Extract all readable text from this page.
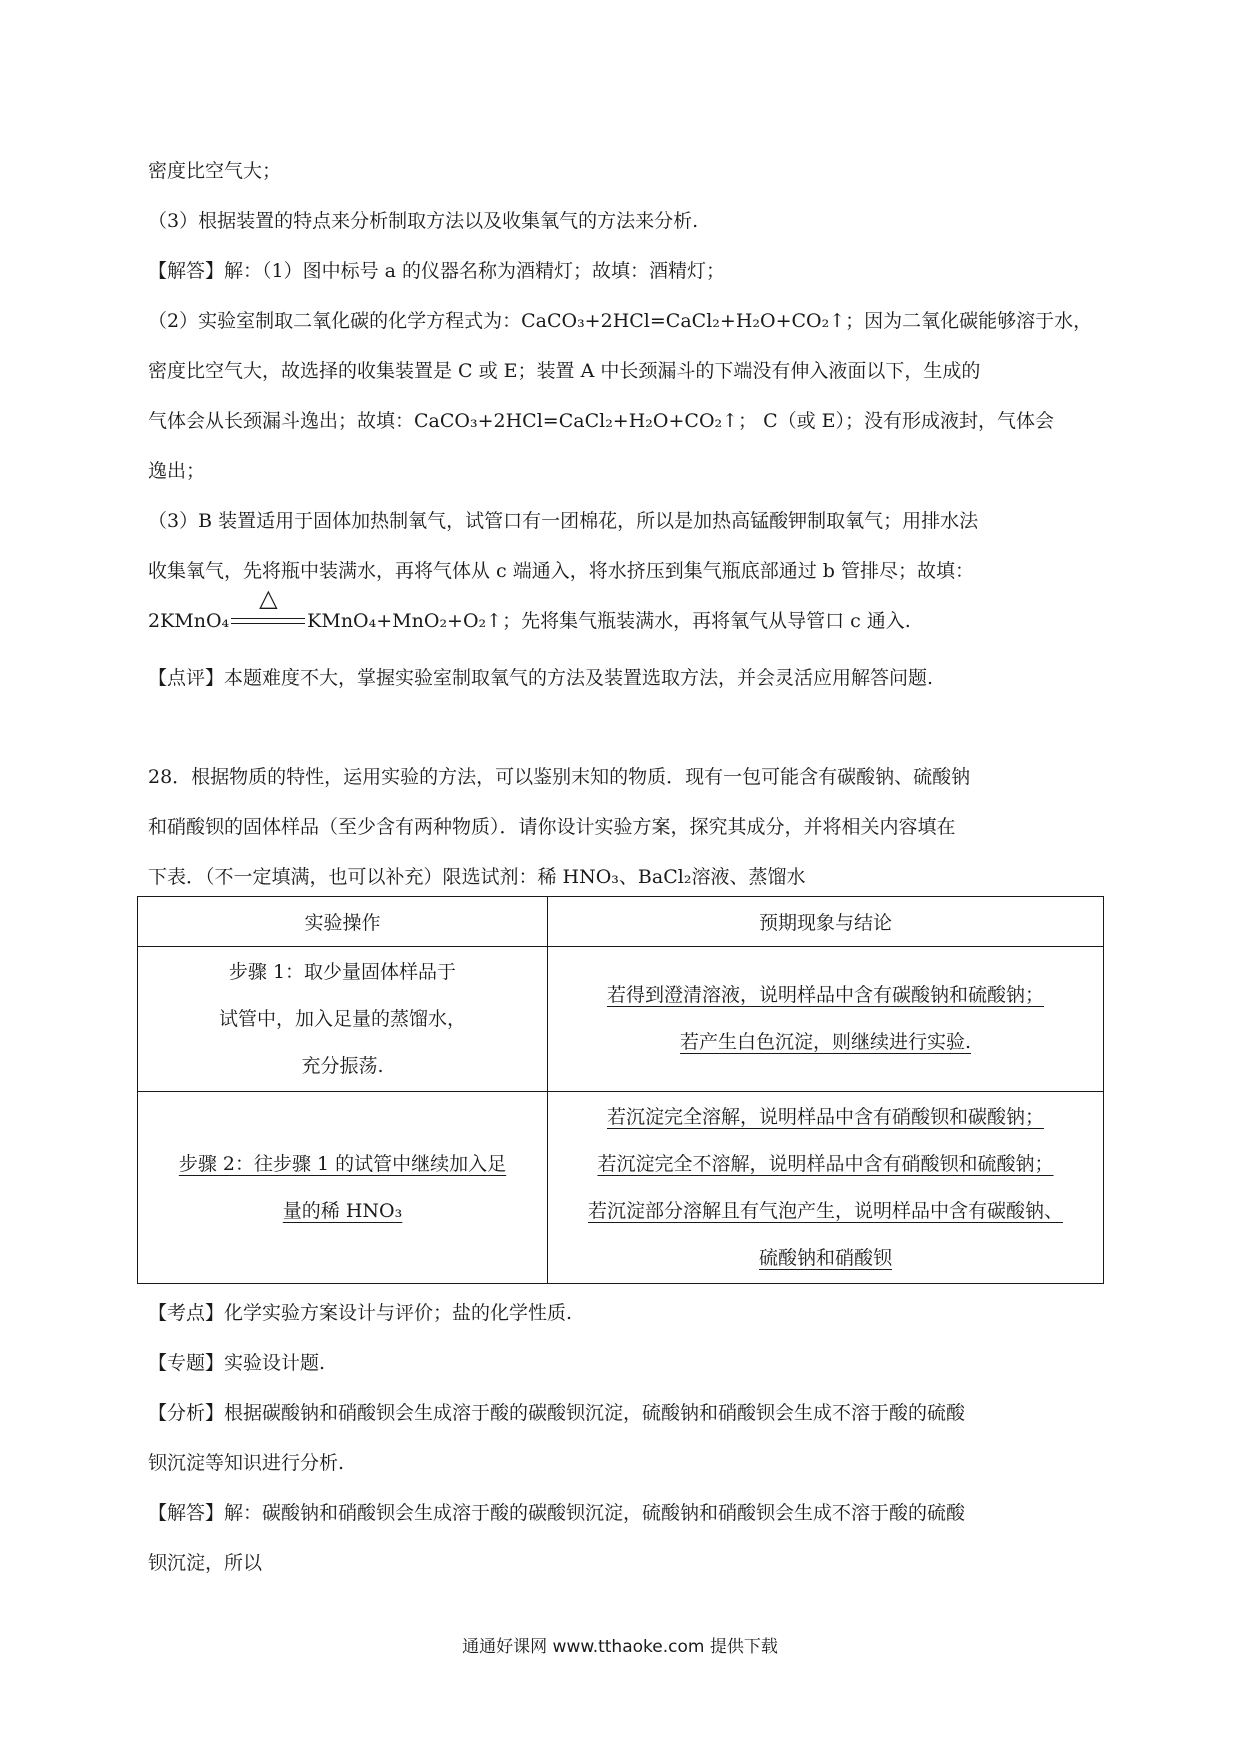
密度比空气大；
（3）根据装置的特点来分析制取方法以及收集氧气的方法来分析.
【解答】解：（1）图中标号 a 的仪器名称为酒精灯；故填：酒精灯；
（2）实验室制取二氧化碳的化学方程式为：CaCO₃+2HCl=CaCl₂+H₂O+CO₂↑；因为二氧化碳能够溶于水，
密度比空气大，故选择的收集装置是 C 或 E；装置 A 中长颈漏斗的下端没有伸入液面以下，生成的
气体会从长颈漏斗逸出；故填：CaCO₃+2HCl=CaCl₂+H₂O+CO₂↑； C（或 E）；没有形成液封，气体会
逸出；
（3）B 装置适用于固体加热制氧气，试管口有一团棉花，所以是加热高锰酸钾制取氧气；用排水法
收集氧气，先将瓶中装满水，再将气体从 c 端通入，将水挤压到集气瓶底部通过 b 管排尽；故填：
2KMnO₄
△
KMnO₄+MnO₂+O₂↑；先将集气瓶装满水，再将氧气从导管口 c 通入.
【点评】本题难度不大，掌握实验室制取氧气的方法及装置选取方法，并会灵活应用解答问题.
28．根据物质的特性，运用实验的方法，可以鉴别末知的物质．现有一包可能含有碳酸钠、硫酸钠
和硝酸钡的固体样品（至少含有两种物质）．请你设计实验方案，探究其成分，并将相关内容填在
下表．（不一定填满，也可以补充）限选试剂：稀 HNO₃、BaCl₂溶液、蒸馏水
实验操作	预期现象与结论

步骤 1：取少量固体样品于
试管中，加入足量的蒸馏水，
充分振荡.	若得到澄清溶液，说明样品中含有碳酸钠和硫酸钠；
若产生白色沉淀，则继续进行实验.

步骤 2：往步骤 1 的试管中继续加入足
量的稀 HNO₃	若沉淀完全溶解，说明样品中含有硝酸钡和碳酸钠；
若沉淀完全不溶解，说明样品中含有硝酸钡和硫酸钠；
若沉淀部分溶解且有气泡产生，说明样品中含有碳酸钠、
硫酸钠和硝酸钡
【考点】化学实验方案设计与评价；盐的化学性质.
【专题】实验设计题.
【分析】根据碳酸钠和硝酸钡会生成溶于酸的碳酸钡沉淀，硫酸钠和硝酸钡会生成不溶于酸的硫酸
钡沉淀等知识进行分析.
【解答】解：碳酸钠和硝酸钡会生成溶于酸的碳酸钡沉淀，硫酸钠和硝酸钡会生成不溶于酸的硫酸
钡沉淀，所以
通通好课网 www.tthaoke.com 提供下载
